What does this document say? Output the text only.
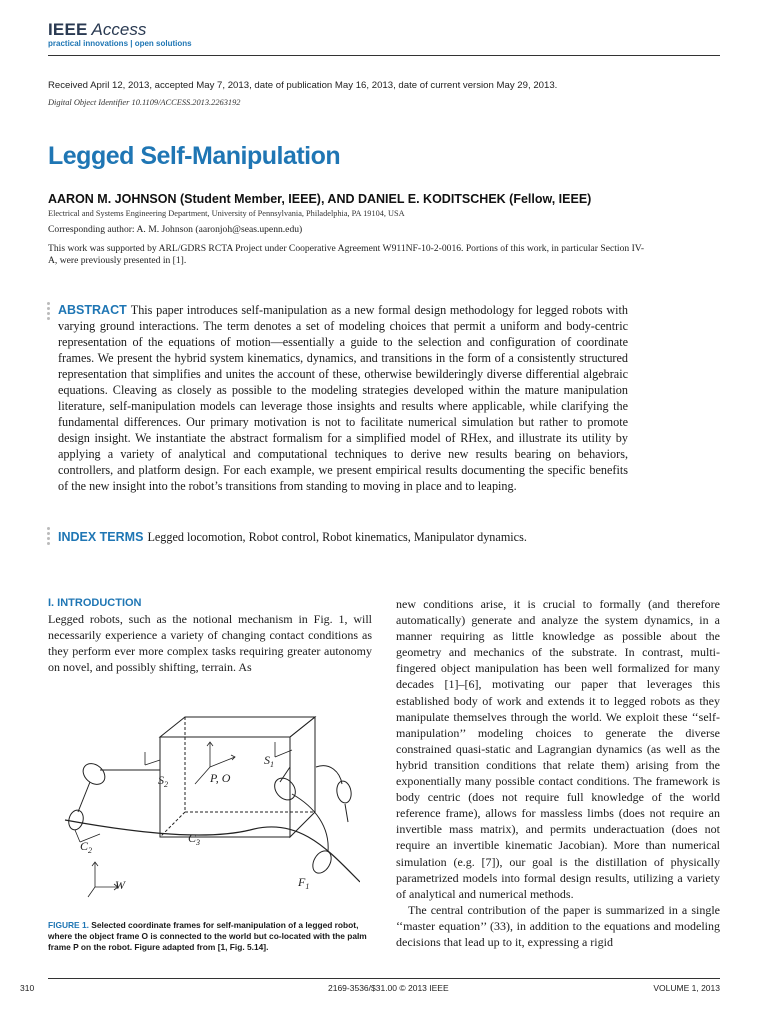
IEEE Access
practical innovations | open solutions
Received April 12, 2013, accepted May 7, 2013, date of publication May 16, 2013, date of current version May 29, 2013.
Digital Object Identifier 10.1109/ACCESS.2013.2263192
Legged Self-Manipulation
AARON M. JOHNSON (Student Member, IEEE), AND DANIEL E. KODITSCHEK (Fellow, IEEE)
Electrical and Systems Engineering Department, University of Pennsylvania, Philadelphia, PA 19104, USA
Corresponding author: A. M. Johnson (aaronjoh@seas.upenn.edu)
This work was supported by ARL/GDRS RCTA Project under Cooperative Agreement W911NF-10-2-0016. Portions of this work, in particular Section IV-A, were previously presented in [1].
ABSTRACT This paper introduces self-manipulation as a new formal design methodology for legged robots with varying ground interactions. The term denotes a set of modeling choices that permit a uniform and body-centric representation of the equations of motion—essentially a guide to the selection and configuration of coordinate frames. We present the hybrid system kinematics, dynamics, and transitions in the form of a consistently structured representation that simplifies and unites the account of these, otherwise bewilderingly diverse differential algebraic equations. Cleaving as closely as possible to the modeling strategies developed within the mature manipulation literature, self-manipulation models can leverage those insights and results where applicable, while clarifying the fundamental differences. Our primary motivation is not to facilitate numerical simulation but rather to promote design insight. We instantiate the abstract formalism for a simplified model of RHex, and illustrate its utility by applying a variety of analytical and computational techniques to derive new results bearing on behaviors, controllers, and platform design. For each example, we present empirical results documenting the specific benefits of the new insight into the robot’s transitions from standing to moving in place and to leaping.
INDEX TERMS Legged locomotion, Robot control, Robot kinematics, Manipulator dynamics.
I. INTRODUCTION
Legged robots, such as the notional mechanism in Fig. 1, will necessarily experience a variety of changing contact conditions as they perform ever more complex tasks requiring greater autonomy on novel, and possibly shifting, terrain. As
$S_1$
$S_2$	P, O
$C_2$
$C_3$
$F_1$
W
FIGURE 1. Selected coordinate frames for self-manipulation of a legged robot, where the object frame O is connected to the world but co-located with the palm frame P on the robot. Figure adapted from [1, Fig. 5.14].
new conditions arise, it is crucial to formally (and therefore automatically) generate and analyze the system dynamics, in a manner requiring as little knowledge as possible about the geometry and mechanics of the substrate. In contrast, multi-fingered object manipulation has been well formalized for many decades [1]–[6], motivating our paper that leverages this established body of work and extends it to legged robots as they manipulate themselves through the world. We exploit these ‘‘self-manipulation’’ modeling choices to generate the diverse constrained quasi-static and Lagrangian dynamics (as well as the hybrid transition conditions that relate them) arising from the exponentially many possible contact conditions. The framework is body centric (does not require full knowledge of the world reference frame), allows for massless limbs (does not require an invertible mass matrix), and permits underactuation (does not require an invertible kinematic Jacobian). More than numerical simulation (e.g. [7]), our goal is the distillation of physically parametrized models into formal design results, utilizing a variety of analytical and numerical methods.
The central contribution of the paper is summarized in a single ‘‘master equation’’ (33), in addition to the equations and modeling decisions that lead up to it, expressing a rigid
310	2169-3536/$31.00 © 2013 IEEE	VOLUME 1, 2013
